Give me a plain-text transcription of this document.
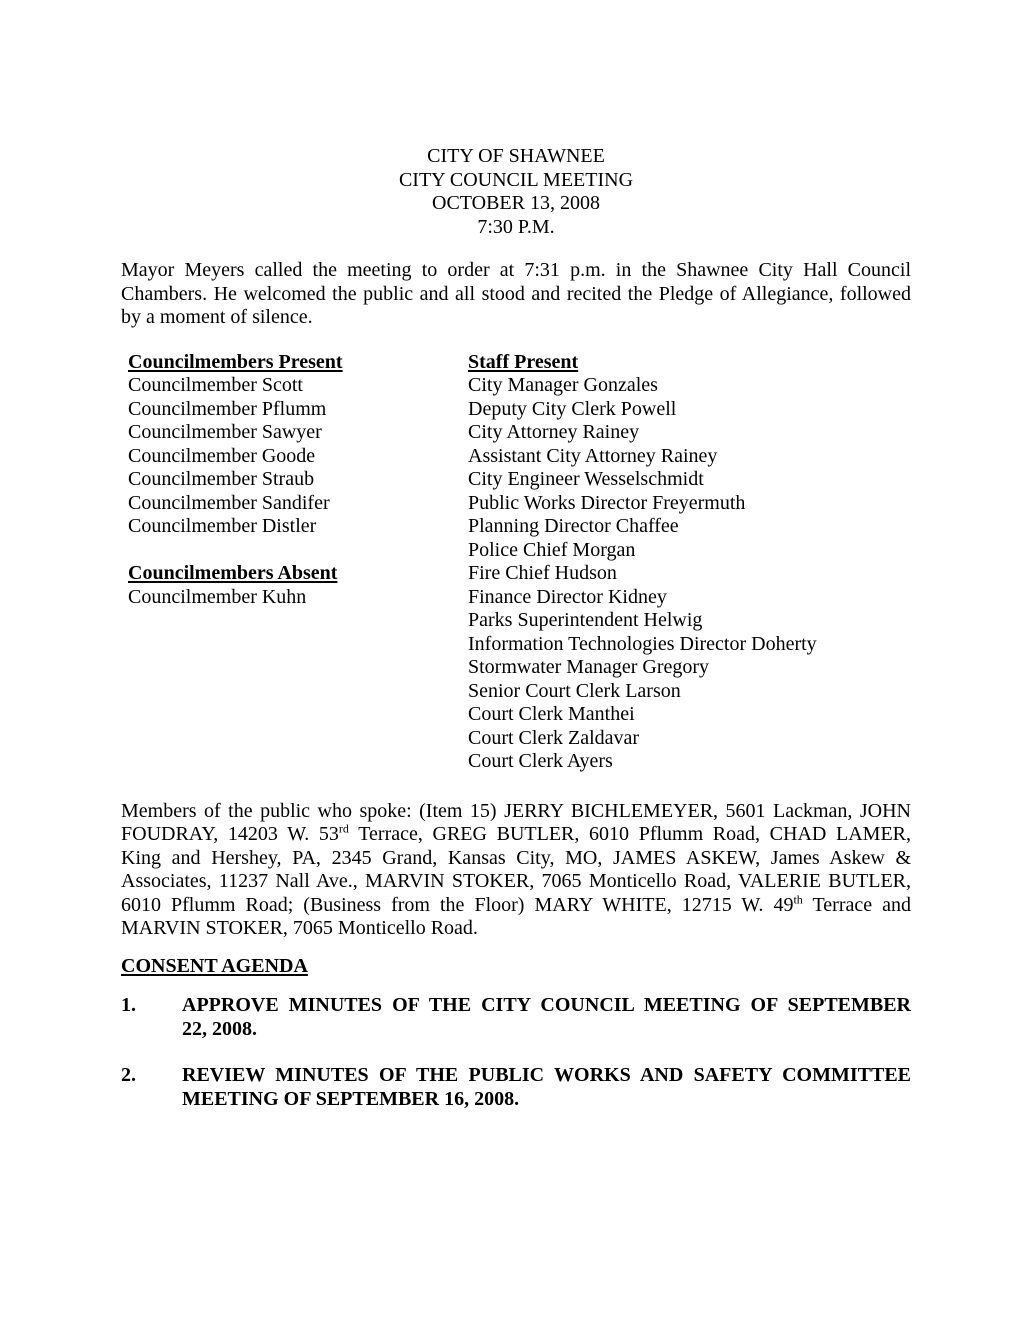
CITY OF SHAWNEE
CITY COUNCIL MEETING
OCTOBER 13, 2008
7:30 P.M.
Mayor Meyers called the meeting to order at 7:31 p.m. in the Shawnee City Hall Council
Chambers. He welcomed the public and all stood and recited the Pledge of Allegiance, followed
by a moment of silence.
Councilmembers Present
Councilmember Scott
Councilmember Pflumm
Councilmember Sawyer
Councilmember Goode
Councilmember Straub
Councilmember Sandifer
Councilmember Distler
Councilmembers Absent
Councilmember Kuhn
Staff Present
City Manager Gonzales
Deputy City Clerk Powell
City Attorney Rainey
Assistant City Attorney Rainey
City Engineer Wesselschmidt
Public Works Director Freyermuth
Planning Director Chaffee
Police Chief Morgan
Fire Chief Hudson
Finance Director Kidney
Parks Superintendent Helwig
Information Technologies Director Doherty
Stormwater Manager Gregory
Senior Court Clerk Larson
Court Clerk Manthei
Court Clerk Zaldavar
Court Clerk Ayers
Members of the public who spoke: (Item 15) JERRY BICHLEMEYER, 5601 Lackman, JOHN
FOUDRAY, 14203 W. 53rd Terrace, GREG BUTLER, 6010 Pflumm Road, CHAD LAMER,
King and Hershey, PA, 2345 Grand, Kansas City, MO, JAMES ASKEW, James Askew &
Associates, 11237 Nall Ave., MARVIN STOKER, 7065 Monticello Road, VALERIE BUTLER,
6010 Pflumm Road; (Business from the Floor) MARY WHITE, 12715 W. 49th Terrace and
MARVIN STOKER, 7065 Monticello Road.
CONSENT AGENDA
1.	APPROVE MINUTES OF THE CITY COUNCIL MEETING OF SEPTEMBER
22, 2008.
2.	REVIEW MINUTES OF THE PUBLIC WORKS AND SAFETY COMMITTEE
MEETING OF SEPTEMBER 16, 2008.
